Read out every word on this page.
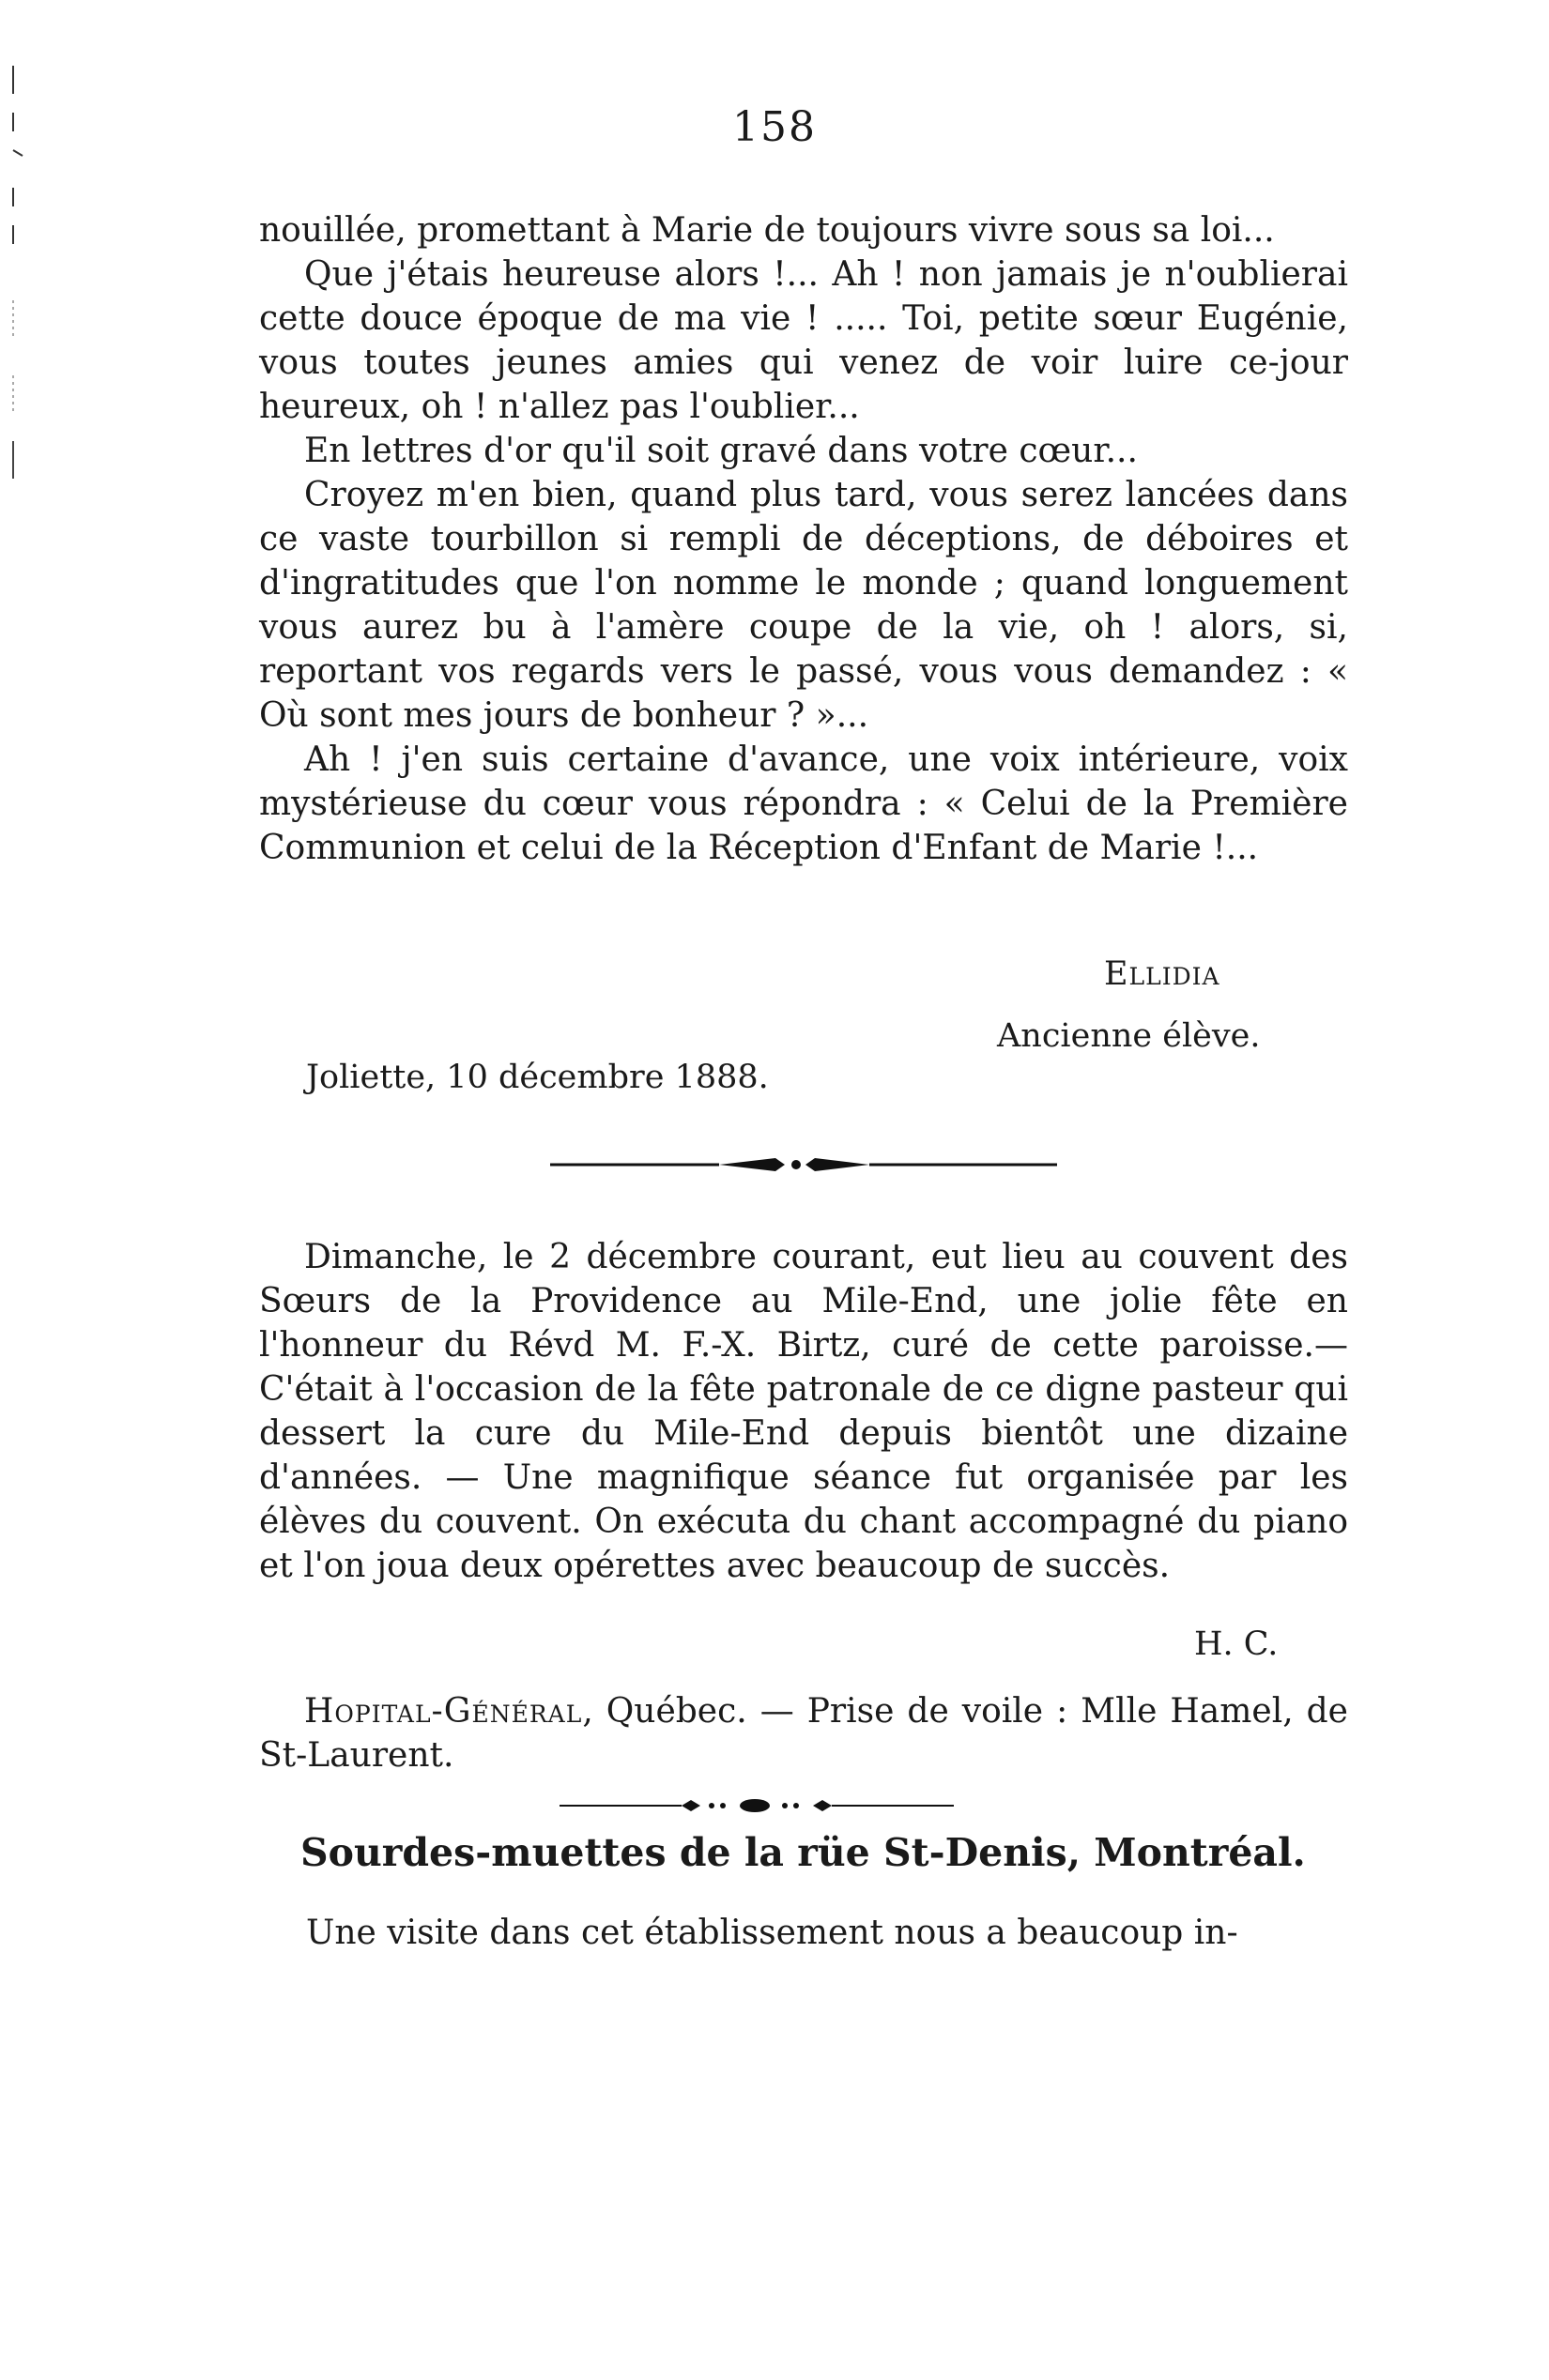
158

nouillée, promettant à Marie de toujours vivre sous sa loi...

Que j'étais heureuse alors !... Ah ! non jamais je n'oublierai cette douce époque de ma vie ! ..... Toi, petite sœur Eugénie, vous toutes jeunes amies qui venez de voir luire ce-jour heureux, oh ! n'allez pas l'oublier...

En lettres d'or qu'il soit gravé dans votre cœur...

Croyez m'en bien, quand plus tard, vous serez lancées dans ce vaste tourbillon si rempli de déceptions, de déboires et d'ingratitudes que l'on nomme le monde ; quand longuement vous aurez bu à l'amère coupe de la vie, oh ! alors, si, reportant vos regards vers le passé, vous vous demandez : « Où sont mes jours de bonheur ? »...

Ah ! j'en suis certaine d'avance, une voix intérieure, voix mystérieuse du cœur vous répondra : « Celui de la Première Communion et celui de la Réception d'Enfant de Marie !...

Ellidia
Ancienne élève.
Joliette, 10 décembre 1888.

Dimanche, le 2 décembre courant, eut lieu au couvent des Sœurs de la Providence au Mile-End, une jolie fête en l'honneur du Révd M. F.-X. Birtz, curé de cette paroisse.— C'était à l'occasion de la fête patronale de ce digne pasteur qui dessert la cure du Mile-End depuis bientôt une dizaine d'années. — Une magnifique séance fut organisée par les élèves du couvent. On exécuta du chant accompagné du piano et l'on joua deux opérettes avec beaucoup de succès.

H. C.

Hopital-Général, Québec. — Prise de voile : Mlle Hamel, de St-Laurent.

Sourdes-muettes de la rüe St-Denis, Montréal.

Une visite dans cet établissement nous a beaucoup in-
